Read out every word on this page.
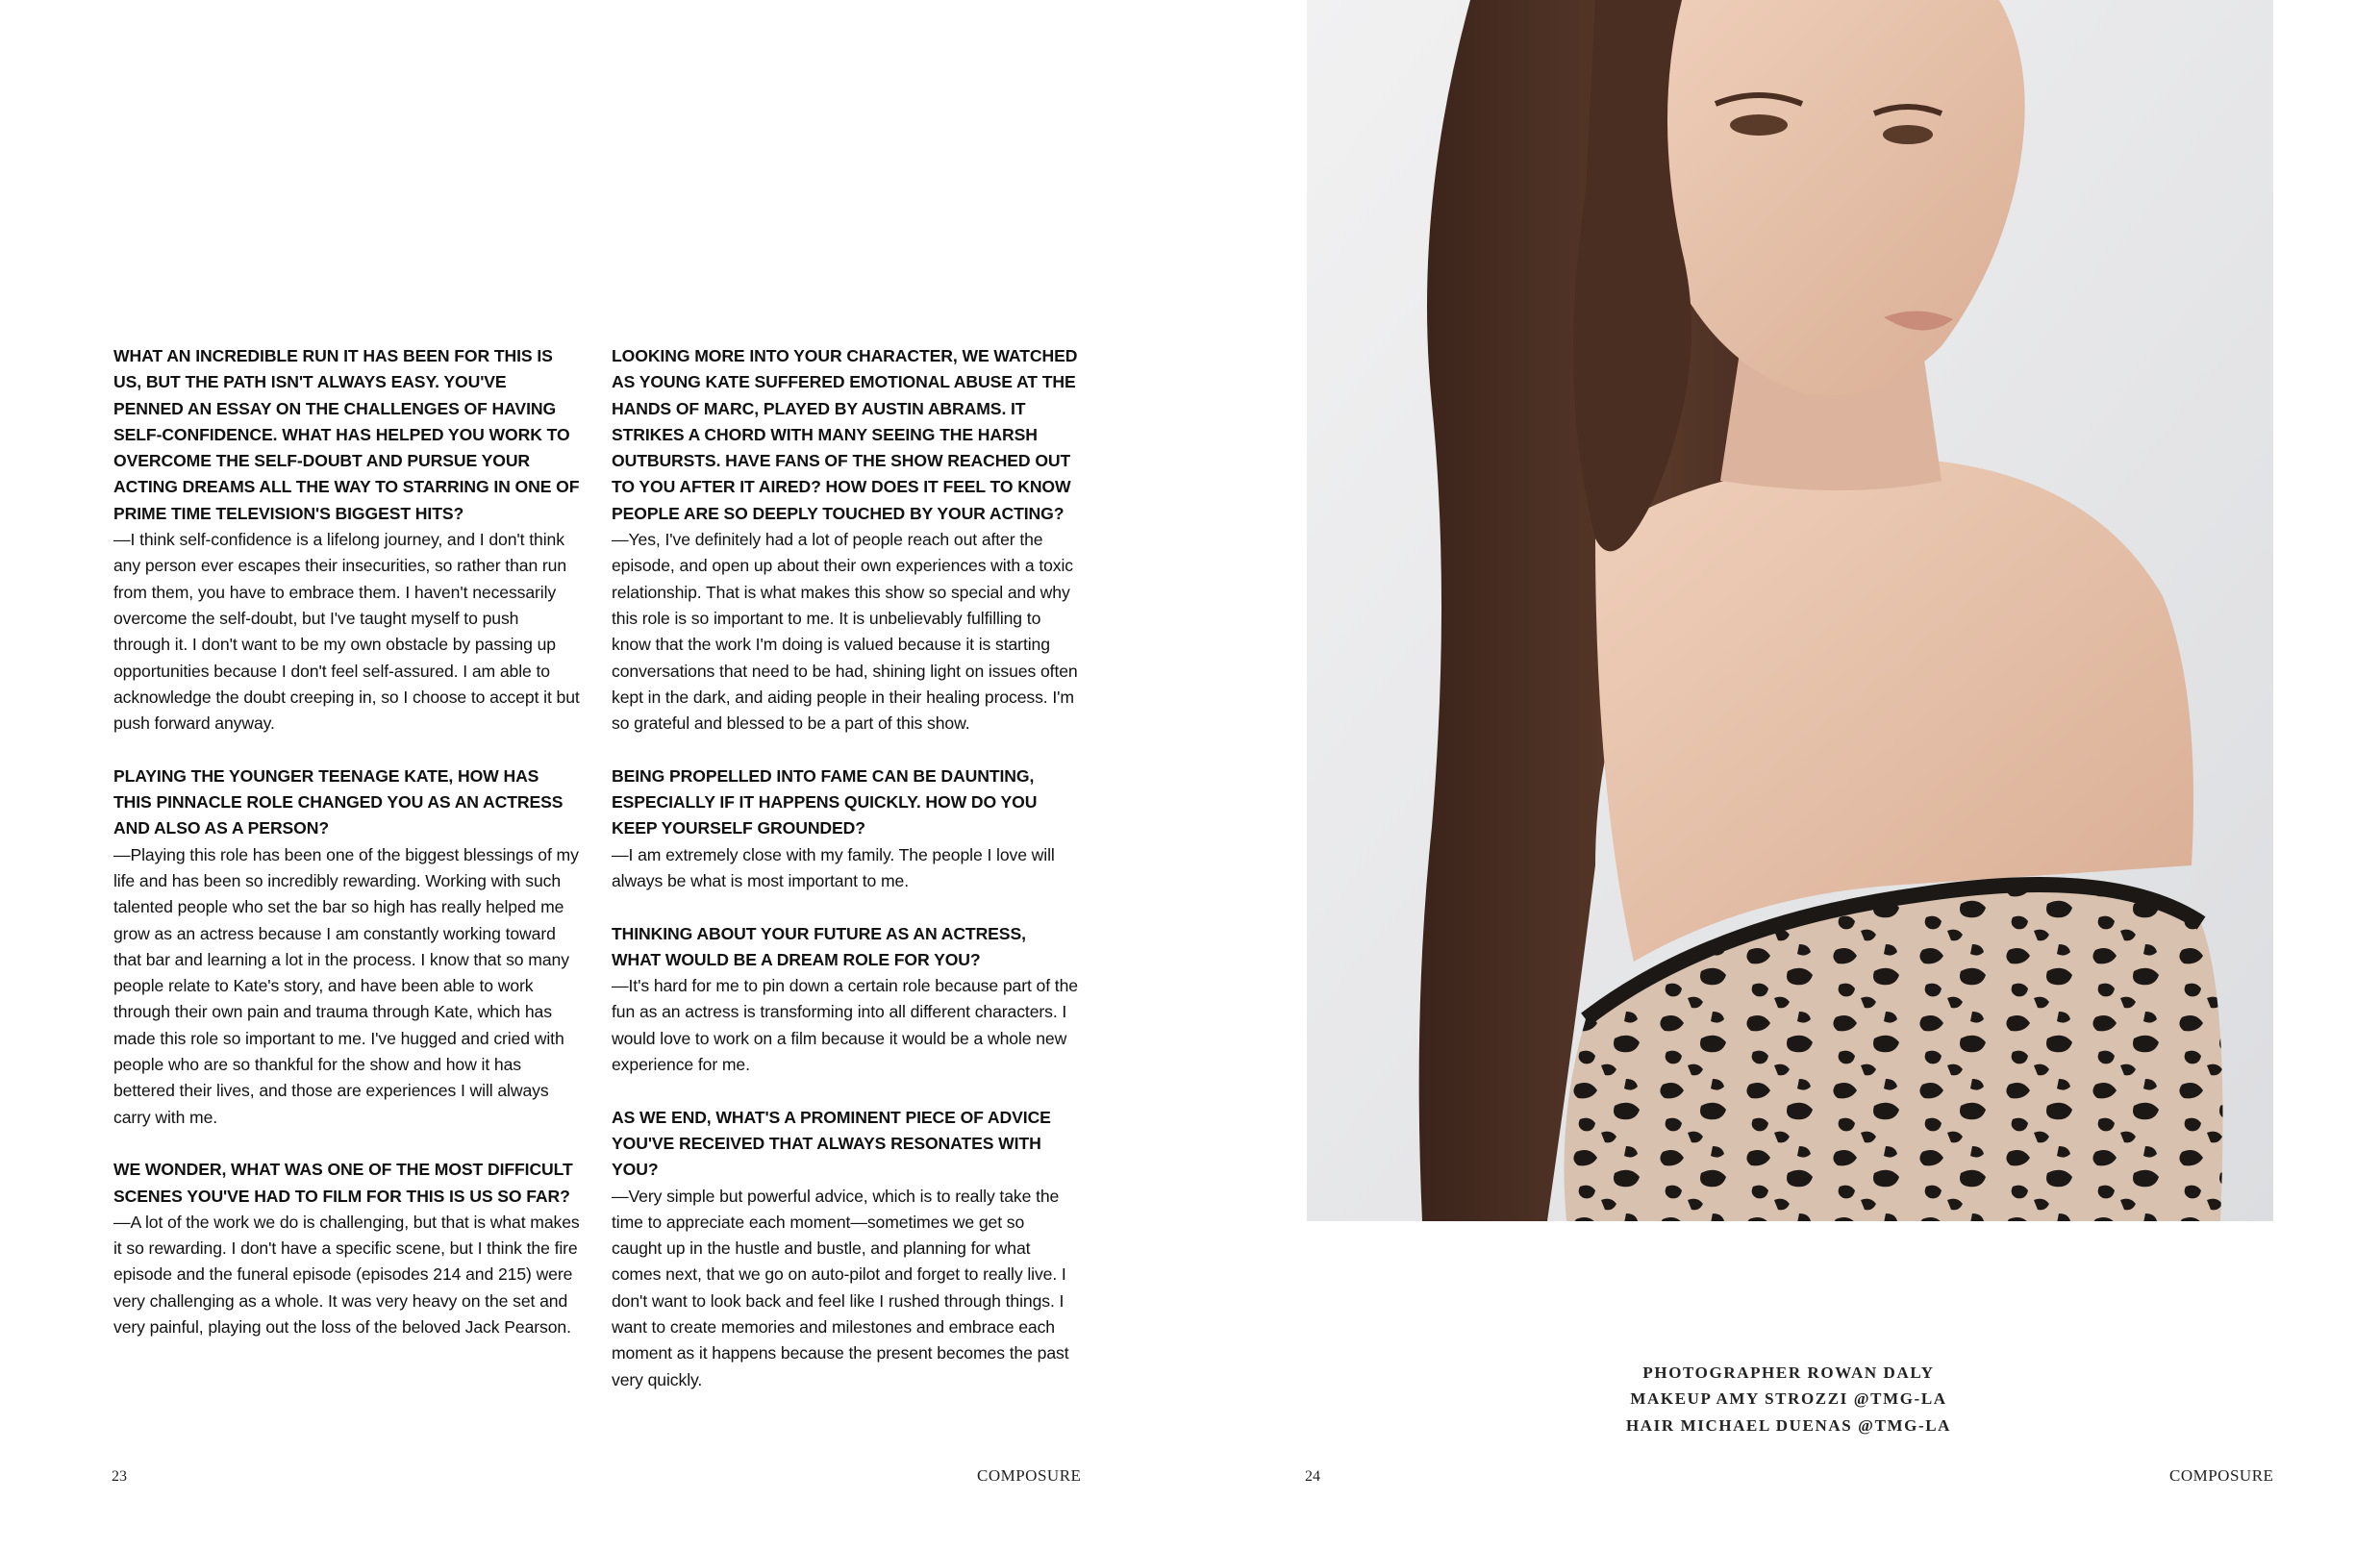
WHAT AN INCREDIBLE RUN IT HAS BEEN FOR THIS IS US, BUT THE PATH ISN'T ALWAYS EASY. YOU'VE PENNED AN ESSAY ON THE CHALLENGES OF HAVING SELF-CONFIDENCE. WHAT HAS HELPED YOU WORK TO OVERCOME THE SELF-DOUBT AND PURSUE YOUR ACTING DREAMS ALL THE WAY TO STARRING IN ONE OF PRIME TIME TELEVISION'S BIGGEST HITS?

—I think self-confidence is a lifelong journey, and I don't think any person ever escapes their insecurities, so rather than run from them, you have to embrace them. I haven't necessarily overcome the self-doubt, but I've taught myself to push through it. I don't want to be my own obstacle by passing up opportunities because I don't feel self-assured. I am able to acknowledge the doubt creeping in, so I choose to accept it but push forward anyway.

PLAYING THE YOUNGER TEENAGE KATE, HOW HAS THIS PINNACLE ROLE CHANGED YOU AS AN ACTRESS AND ALSO AS A PERSON?

—Playing this role has been one of the biggest blessings of my life and has been so incredibly rewarding. Working with such talented people who set the bar so high has really helped me grow as an actress because I am constantly working toward that bar and learning a lot in the process. I know that so many people relate to Kate's story, and have been able to work through their own pain and trauma through Kate, which has made this role so important to me. I've hugged and cried with people who are so thankful for the show and how it has bettered their lives, and those are experiences I will always carry with me.

WE WONDER, WHAT WAS ONE OF THE MOST DIFFICULT SCENES YOU'VE HAD TO FILM FOR THIS IS US SO FAR?

—A lot of the work we do is challenging, but that is what makes it so rewarding. I don't have a specific scene, but I think the fire episode and the funeral episode (episodes 214 and 215) were very challenging as a whole. It was very heavy on the set and very painful, playing out the loss of the beloved Jack Pearson.

LOOKING MORE INTO YOUR CHARACTER, WE WATCHED AS YOUNG KATE SUFFERED EMOTIONAL ABUSE AT THE HANDS OF MARC, PLAYED BY AUSTIN ABRAMS. IT STRIKES A CHORD WITH MANY SEEING THE HARSH OUTBURSTS. HAVE FANS OF THE SHOW REACHED OUT TO YOU AFTER IT AIRED? HOW DOES IT FEEL TO KNOW PEOPLE ARE SO DEEPLY TOUCHED BY YOUR ACTING?

—Yes, I've definitely had a lot of people reach out after the episode, and open up about their own experiences with a toxic relationship. That is what makes this show so special and why this role is so important to me. It is unbelievably fulfilling to know that the work I'm doing is valued because it is starting conversations that need to be had, shining light on issues often kept in the dark, and aiding people in their healing process. I'm so grateful and blessed to be a part of this show.

BEING PROPELLED INTO FAME CAN BE DAUNTING, ESPECIALLY IF IT HAPPENS QUICKLY. HOW DO YOU KEEP YOURSELF GROUNDED?

—I am extremely close with my family. The people I love will always be what is most important to me.

THINKING ABOUT YOUR FUTURE AS AN ACTRESS, WHAT WOULD BE A DREAM ROLE FOR YOU?

—It's hard for me to pin down a certain role because part of the fun as an actress is transforming into all different characters. I would love to work on a film because it would be a whole new experience for me.

AS WE END, WHAT'S A PROMINENT PIECE OF ADVICE YOU'VE RECEIVED THAT ALWAYS RESONATES WITH YOU?

—Very simple but powerful advice, which is to really take the time to appreciate each moment—sometimes we get so caught up in the hustle and bustle, and planning for what comes next, that we go on auto-pilot and forget to really live. I don't want to look back and feel like I rushed through things. I want to create memories and milestones and embrace each moment as it happens because the present becomes the past very quickly.

23	COMPOSURE
PHOTOGRAPHER ROWAN DALY
MAKEUP AMY STROZZI @TMG-LA
HAIR MICHAEL DUENAS @TMG-LA
24	COMPOSURE
